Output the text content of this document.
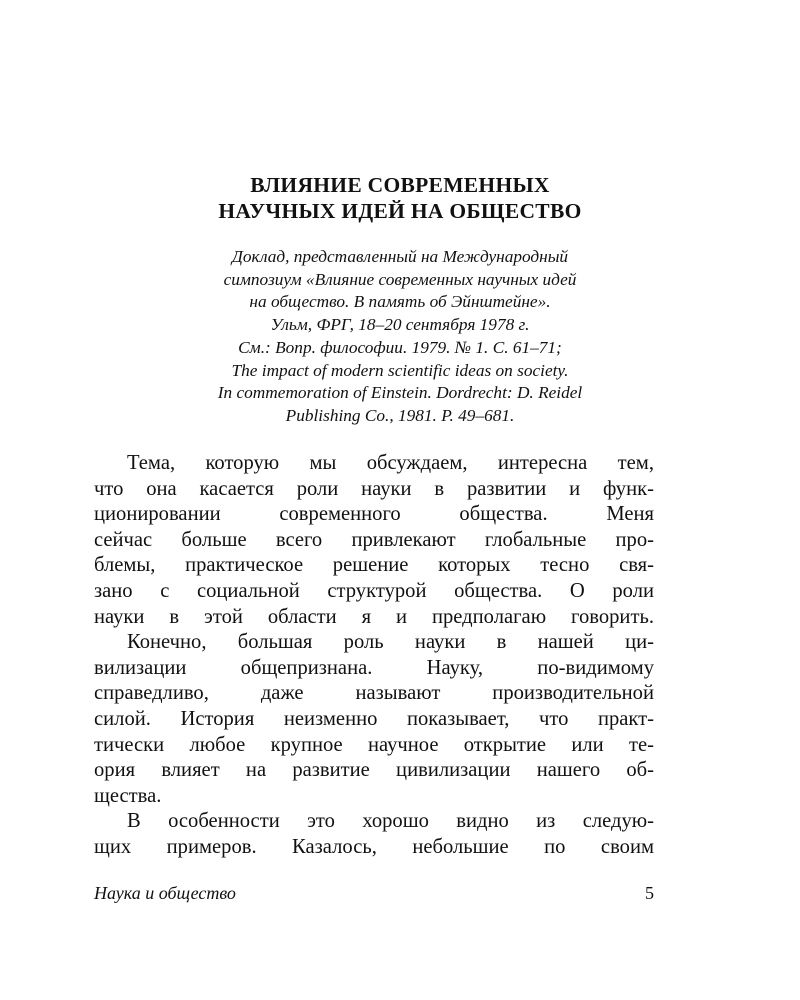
ВЛИЯНИЕ СОВРЕМЕННЫХ
НАУЧНЫХ ИДЕЙ НА ОБЩЕСТВО
Доклад, представленный на Международный
симпозиум «Влияние современных научных идей
на общество. В память об Эйнштейне».
Ульм, ФРГ, 18–20 сентября 1978 г.
См.: Вопр. философии. 1979. № 1. С. 61–71;
The impact of modern scientific ideas on society.
In commemoration of Einstein. Dordrecht: D. Reidel
Publishing Co., 1981. P. 49–681.
Тема, которую мы обсуждаем, интересна тем,
что она касается роли науки в развитии и функ-
ционировании современного общества. Меня
сейчас больше всего привлекают глобальные про-
блемы, практическое решение которых тесно свя-
зано с социальной структурой общества. О роли
науки в этой области я и предполагаю говорить.
Конечно, большая роль науки в нашей ци-
вилизации общепризнана. Науку, по-видимому
справедливо, даже называют производительной
силой. История неизменно показывает, что практ-
тически любое крупное научное открытие или те-
ория влияет на развитие цивилизации нашего об-
щества.
В особенности это хорошо видно из следую-
щих примеров. Казалось, небольшие по своим
Наука и общество	5
